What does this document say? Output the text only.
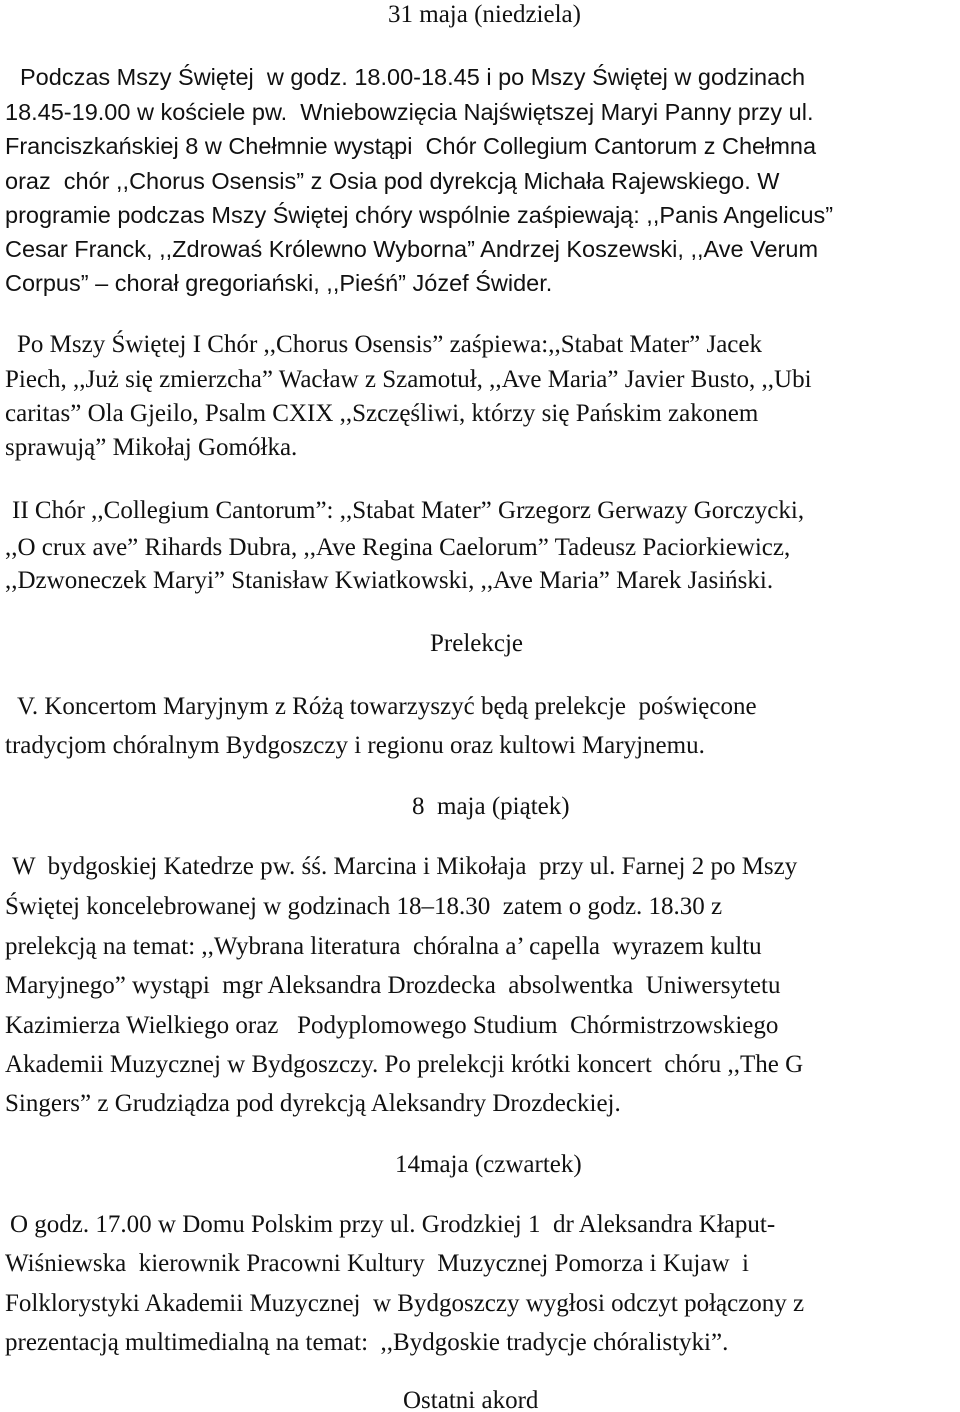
31 maja (niedziela)
Podczas Mszy Świętej  w godz. 18.00-18.45 i po Mszy Świętej w godzinach
18.45-19.00 w kościele pw.  Wniebowzięcia Najświętszej Maryi Panny przy ul.
Franciszkańskiej 8 w Chełmnie wystąpi  Chór Collegium Cantorum z Chełmna
oraz  chór ,,Chorus Osensis” z Osia pod dyrekcją Michała Rajewskiego. W
programie podczas Mszy Świętej chóry wspólnie zaśpiewają: ,,Panis Angelicus”
Cesar Franck, ,,Zdrowaś Królewno Wyborna” Andrzej Koszewski, ,,Ave Verum
Corpus” – chorał gregoriański, ,,Pieśń” Józef Świder.
Po Mszy Świętej I Chór ,,Chorus Osensis” zaśpiewa:,,Stabat Mater” Jacek
Piech, ,,Już się zmierzcha” Wacław z Szamotuł, ,,Ave Maria” Javier Busto, ,,Ubi
caritas” Ola Gjeilo, Psalm CXIX ,,Szczęśliwi, którzy się Pańskim zakonem
sprawują” Mikołaj Gomółka.
II Chór ,,Collegium Cantorum”: ,,Stabat Mater” Grzegorz Gerwazy Gorczycki,
,,O crux ave” Rihards Dubra, ,,Ave Regina Caelorum” Tadeusz Paciorkiewicz,
,,Dzwoneczek Maryi” Stanisław Kwiatkowski, ,,Ave Maria” Marek Jasiński.
Prelekcje
V. Koncertom Maryjnym z Różą towarzyszyć będą prelekcje  poświęcone
tradycjom chóralnym Bydgoszczy i regionu oraz kultowi Maryjnemu.
8  maja (piątek)
W  bydgoskiej Katedrze pw. śś. Marcina i Mikołaja  przy ul. Farnej 2 po Mszy
Świętej koncelebrowanej w godzinach 18–18.30  zatem o godz. 18.30 z
prelekcją na temat: ,,Wybrana literatura  chóralna a’ capella  wyrazem kultu
Maryjnego” wystąpi  mgr Aleksandra Drozdecka  absolwentka  Uniwersytetu
Kazimierza Wielkiego oraz   Podyplomowego Studium  Chórmistrzowskiego
Akademii Muzycznej w Bydgoszczy. Po prelekcji krótki koncert  chóru ,,The G
Singers” z Grudziądza pod dyrekcją Aleksandry Drozdeckiej.
14maja (czwartek)
O godz. 17.00 w Domu Polskim przy ul. Grodzkiej 1  dr Aleksandra Kłaput-
Wiśniewska  kierownik Pracowni Kultury  Muzycznej Pomorza i Kujaw  i
Folklorystyki Akademii Muzycznej  w Bydgoszczy wygłosi odczyt połączony z
prezentacją multimedialną na temat:  ,,Bydgoskie tradycje chóralistyki”.
Ostatni akord
